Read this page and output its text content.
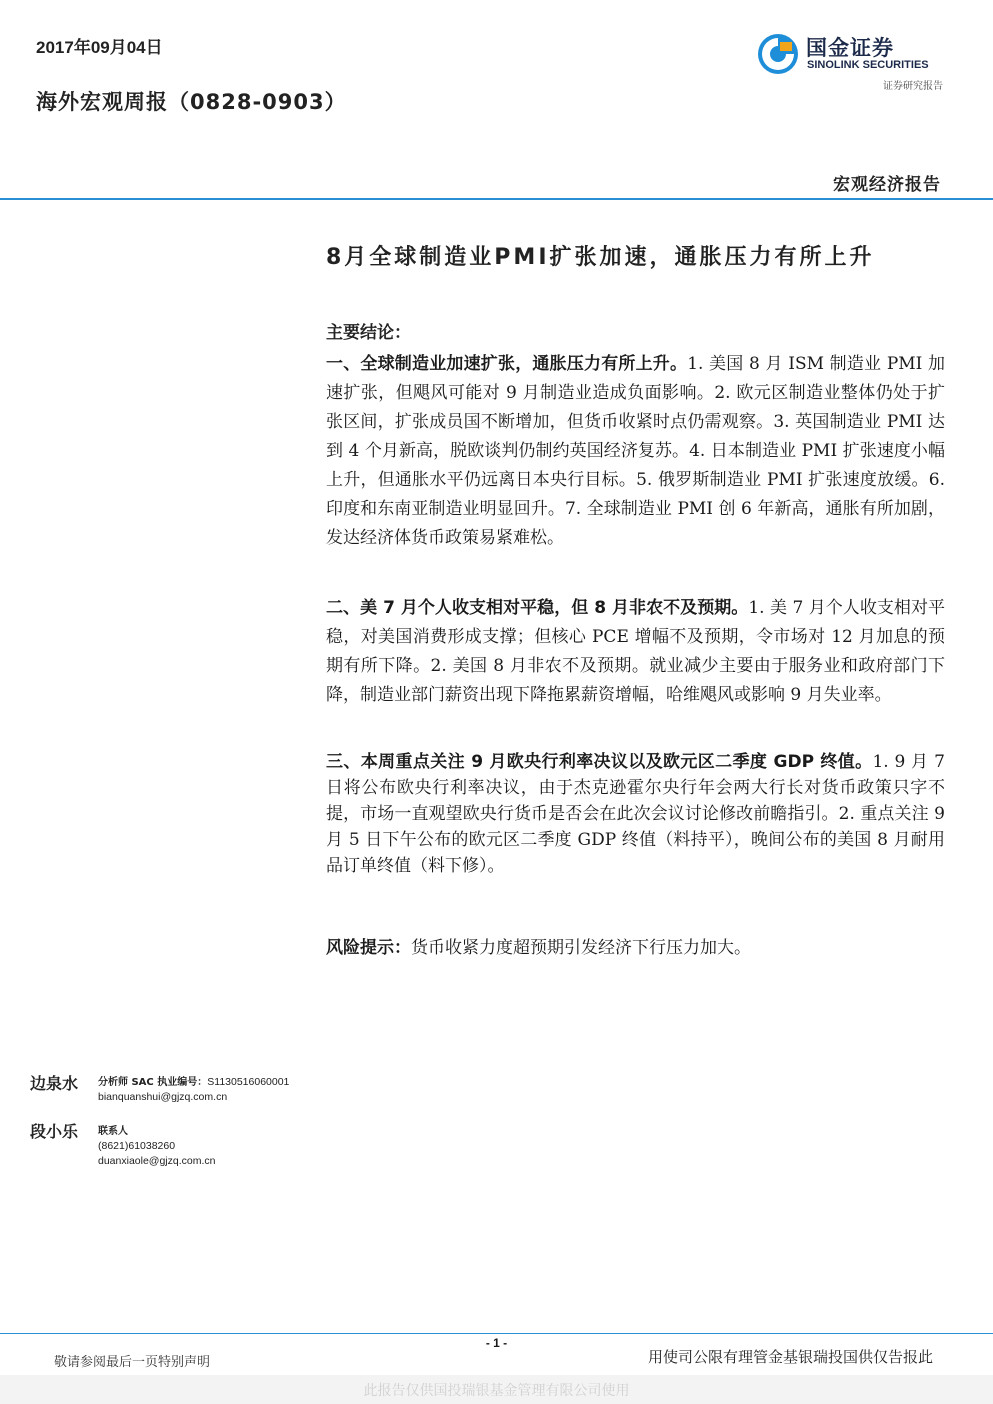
2017年09月04日
海外宏观周报（0828-0903）
国金证券
SINOLINK SECURITIES
证券研究报告
宏观经济报告
8月全球制造业PMI扩张加速，通胀压力有所上升
主要结论：
一、全球制造业加速扩张，通胀压力有所上升。1. 美国 8 月 ISM 制造业 PMI 加速扩张，但飓风可能对 9 月制造业造成负面影响。2. 欧元区制造业整体仍处于扩张区间，扩张成员国不断增加，但货币收紧时点仍需观察。3. 英国制造业 PMI 达到 4 个月新高，脱欧谈判仍制约英国经济复苏。4. 日本制造业 PMI 扩张速度小幅上升，但通胀水平仍远离日本央行目标。5. 俄罗斯制造业 PMI 扩张速度放缓。6. 印度和东南亚制造业明显回升。7. 全球制造业 PMI 创 6 年新高，通胀有所加剧，发达经济体货币政策易紧难松。
二、美 7 月个人收支相对平稳，但 8 月非农不及预期。1. 美 7 月个人收支相对平稳，对美国消费形成支撑；但核心 PCE 增幅不及预期，令市场对 12 月加息的预期有所下降。2. 美国 8 月非农不及预期。就业减少主要由于服务业和政府部门下降，制造业部门薪资出现下降拖累薪资增幅，哈维飓风或影响 9 月失业率。
三、本周重点关注 9 月欧央行利率决议以及欧元区二季度 GDP 终值。1. 9 月 7 日将公布欧央行利率决议，由于杰克逊霍尔央行年会两大行长对货币政策只字不提，市场一直观望欧央行货币是否会在此次会议讨论修改前瞻指引。2. 重点关注 9 月 5 日下午公布的欧元区二季度 GDP 终值（料持平），晚间公布的美国 8 月耐用品订单终值（料下修）。
风险提示：货币收紧力度超预期引发经济下行压力加大。
边泉水 分析师 SAC 执业编号：S1130516060001
bianquanshui@gjzq.com.cn
段小乐 联系人
(8621)61038260
duanxiaole@gjzq.com.cn
- 1 -
敬请参阅最后一页特别声明	用使司公限有理管金基银瑞投国供仅告报此
此报告仅供国投瑞银基金管理有限公司使用
